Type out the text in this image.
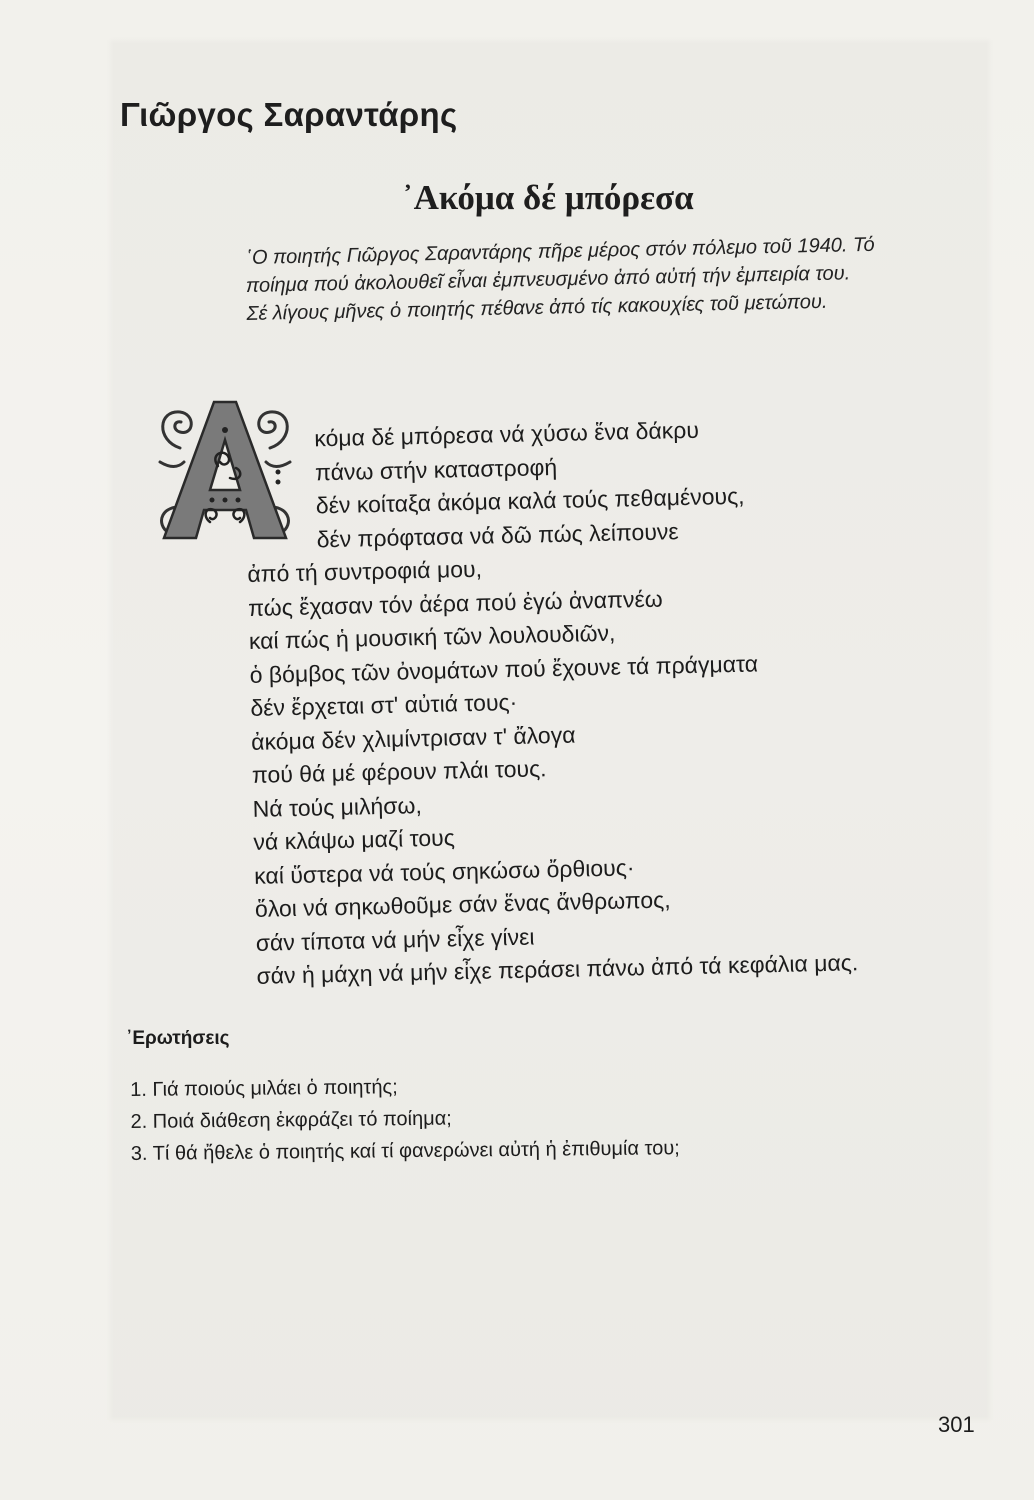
Γιῶργος Σαραντάρης
᾿Ακόμα δέ μπόρεσα
῾Ο ποιητής Γιῶργος Σαραντάρης πῆρε μέρος στόν πόλεμο τοῦ 1940. Τό
ποίημα πού ἀκολουθεῖ εἶναι ἐμπνευσμένο ἀπό αὐτή τήν ἐμπειρία του.
Σέ λίγους μῆνες ὁ ποιητής πέθανε ἀπό τίς κακουχίες τοῦ μετώπου.
κόμα δέ μπόρεσα νά χύσω ἕνα δάκρυ
πάνω στήν καταστροφή
δέν κοίταξα ἀκόμα καλά τούς πεθαμένους,
δέν πρόφτασα νά δῶ πώς λείπουνε
ἀπό τή συντροφιά μου,
πώς ἔχασαν τόν ἀέρα πού ἐγώ ἀναπνέω
καί πώς ἡ μουσική τῶν λουλουδιῶν,
ὁ βόμβος τῶν ὀνομάτων πού ἔχουνε τά πράγματα
δέν ἔρχεται στ' αὐτιά τους·
ἀκόμα δέν χλιμίντρισαν τ' ἄλογα
πού θά μέ φέρουν πλάι τους.
Νά τούς μιλήσω,
νά κλάψω μαζί τους
καί ὕστερα νά τούς σηκώσω ὄρθιους·
ὅλοι νά σηκωθοῦμε σάν ἕνας ἄνθρωπος,
σάν τίποτα νά μήν εἶχε γίνει
σάν ἡ μάχη νά μήν εἶχε περάσει πάνω ἀπό τά κεφάλια μας.
᾿Ερωτήσεις
1. Γιά ποιούς μιλάει ὁ ποιητής;
2. Ποιά διάθεση ἐκφράζει τό ποίημα;
3. Τί θά ἤθελε ὁ ποιητής καί τί φανερώνει αὐτή ἡ ἐπιθυμία του;
301
